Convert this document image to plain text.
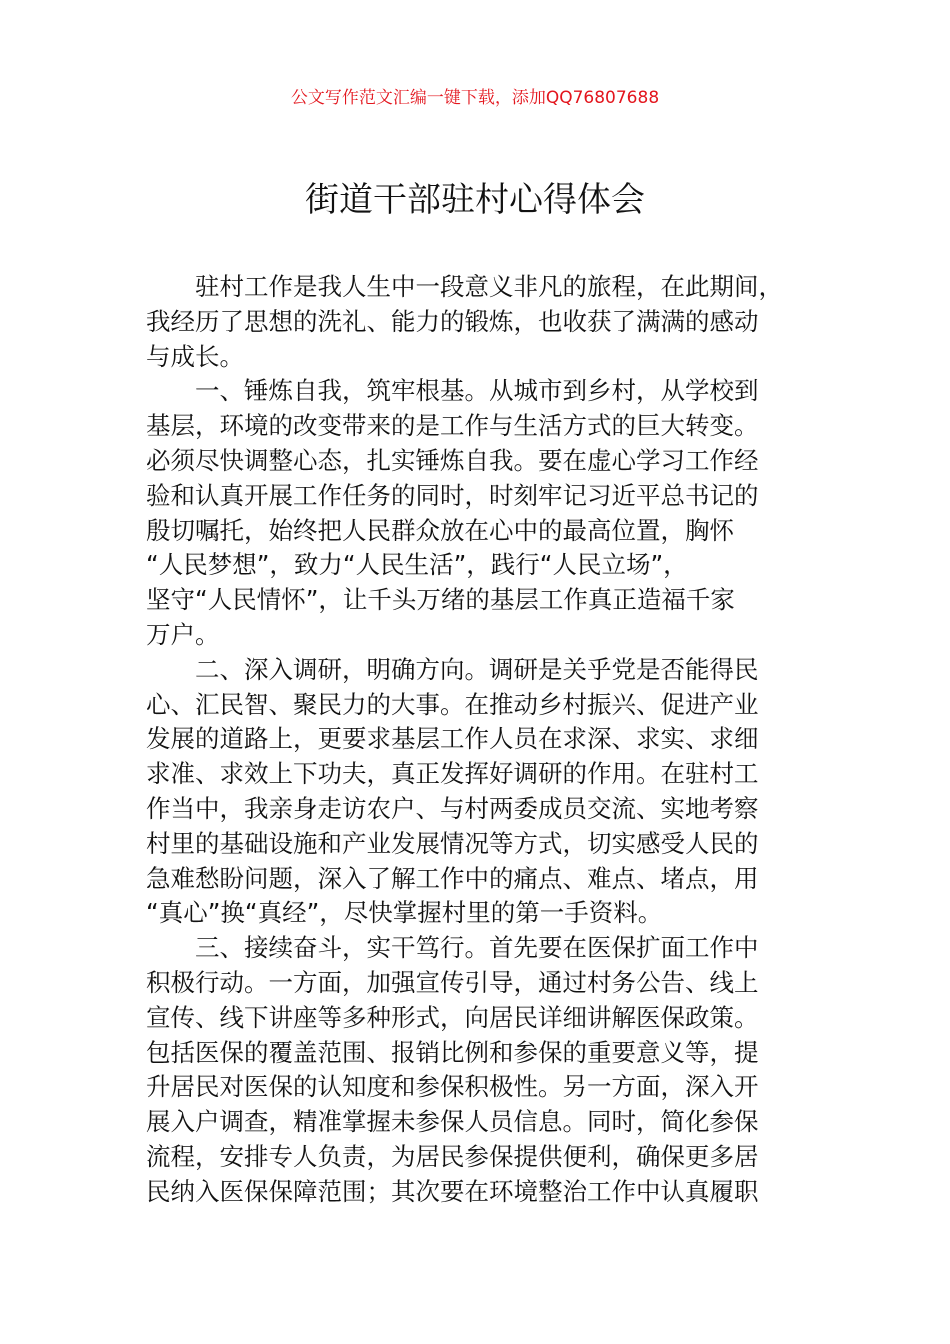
公文写作范文汇编一键下载，添加QQ76807688
街道干部驻村心得体会
驻村工作是我人生中一段意义非凡的旅程，在此期间，
我经历了思想的洗礼、能力的锻炼，也收获了满满的感动
与成长。
一、锤炼自我，筑牢根基。从城市到乡村，从学校到
基层，环境的改变带来的是工作与生活方式的巨大转变。
必须尽快调整心态，扎实锤炼自我。要在虚心学习工作经
验和认真开展工作任务的同时，时刻牢记习近平总书记的
殷切嘱托，始终把人民群众放在心中的最高位置，胸怀
“人民梦想”，致力“人民生活”，践行“人民立场”，
坚守“人民情怀”，让千头万绪的基层工作真正造福千家
万户。
二、深入调研，明确方向。调研是关乎党是否能得民
心、汇民智、聚民力的大事。在推动乡村振兴、促进产业
发展的道路上，更要求基层工作人员在求深、求实、求细
求准、求效上下功夫，真正发挥好调研的作用。在驻村工
作当中，我亲身走访农户、与村两委成员交流、实地考察
村里的基础设施和产业发展情况等方式，切实感受人民的
急难愁盼问题，深入了解工作中的痛点、难点、堵点，用
“真心”换“真经”，尽快掌握村里的第一手资料。
三、接续奋斗，实干笃行。首先要在医保扩面工作中
积极行动。一方面，加强宣传引导，通过村务公告、线上
宣传、线下讲座等多种形式，向居民详细讲解医保政策。
包括医保的覆盖范围、报销比例和参保的重要意义等，提
升居民对医保的认知度和参保积极性。另一方面，深入开
展入户调查，精准掌握未参保人员信息。同时，简化参保
流程，安排专人负责，为居民参保提供便利，确保更多居
民纳入医保保障范围；其次要在环境整治工作中认真履职
